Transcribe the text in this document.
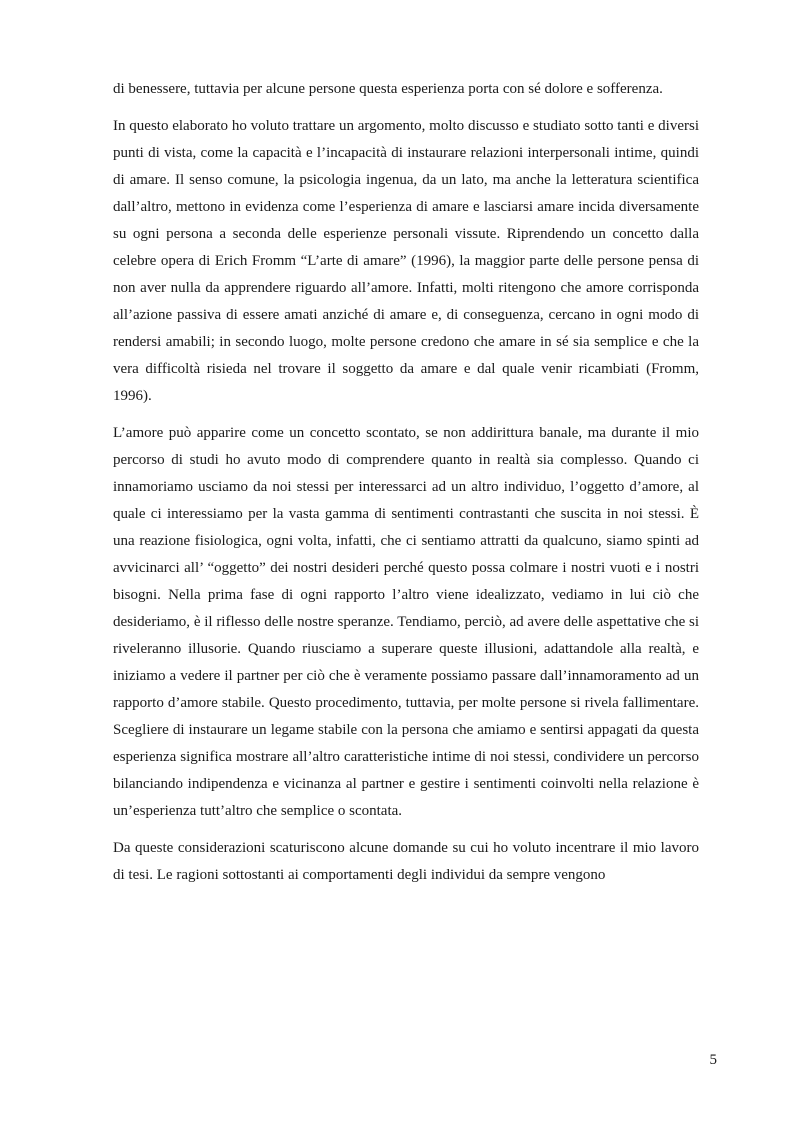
di benessere, tuttavia per alcune persone questa esperienza porta con sé dolore e sofferenza.

In questo elaborato ho voluto trattare un argomento, molto discusso e studiato sotto tanti e diversi punti di vista, come la capacità e l’incapacità di instaurare relazioni interpersonali intime, quindi di amare. Il senso comune, la psicologia ingenua, da un lato, ma anche la letteratura scientifica dall’altro, mettono in evidenza come l’esperienza di amare e lasciarsi amare incida diversamente su ogni persona a seconda delle esperienze personali vissute. Riprendendo un concetto dalla celebre opera di Erich Fromm “L’arte di amare” (1996), la maggior parte delle persone pensa di non aver nulla da apprendere riguardo all’amore. Infatti, molti ritengono che amore corrisponda all’azione passiva di essere amati anziché di amare e, di conseguenza, cercano in ogni modo di rendersi amabili; in secondo luogo, molte persone credono che amare in sé sia semplice e che la vera difficoltà risieda nel trovare il soggetto da amare e dal quale venir ricambiati (Fromm, 1996).

L’amore può apparire come un concetto scontato, se non addirittura banale, ma durante il mio percorso di studi ho avuto modo di comprendere quanto in realtà sia complesso. Quando ci innamoriamo usciamo da noi stessi per interessarci ad un altro individuo, l’oggetto d’amore, al quale ci interessiamo per la vasta gamma di sentimenti contrastanti che suscita in noi stessi. È una reazione fisiologica, ogni volta, infatti, che ci sentiamo attratti da qualcuno, siamo spinti ad avvicinarci all’ “oggetto” dei nostri desideri perché questo possa colmare i nostri vuoti e i nostri bisogni. Nella prima fase di ogni rapporto l’altro viene idealizzato, vediamo in lui ciò che desideriamo, è il riflesso delle nostre speranze. Tendiamo, perciò, ad avere delle aspettative che si riveleranno illusorie. Quando riusciamo a superare queste illusioni, adattandole alla realtà, e iniziamo a vedere il partner per ciò che è veramente possiamo passare dall’innamoramento ad un rapporto d’amore stabile. Questo procedimento, tuttavia, per molte persone si rivela fallimentare. Scegliere di instaurare un legame stabile con la persona che amiamo e sentirsi appagati da questa esperienza significa mostrare all’altro caratteristiche intime di noi stessi, condividere un percorso bilanciando indipendenza e vicinanza al partner e gestire i sentimenti coinvolti nella relazione è un’esperienza tutt’altro che semplice o scontata.

Da queste considerazioni scaturiscono alcune domande su cui ho voluto incentrare il mio lavoro di tesi. Le ragioni sottostanti ai comportamenti degli individui da sempre vengono

5
